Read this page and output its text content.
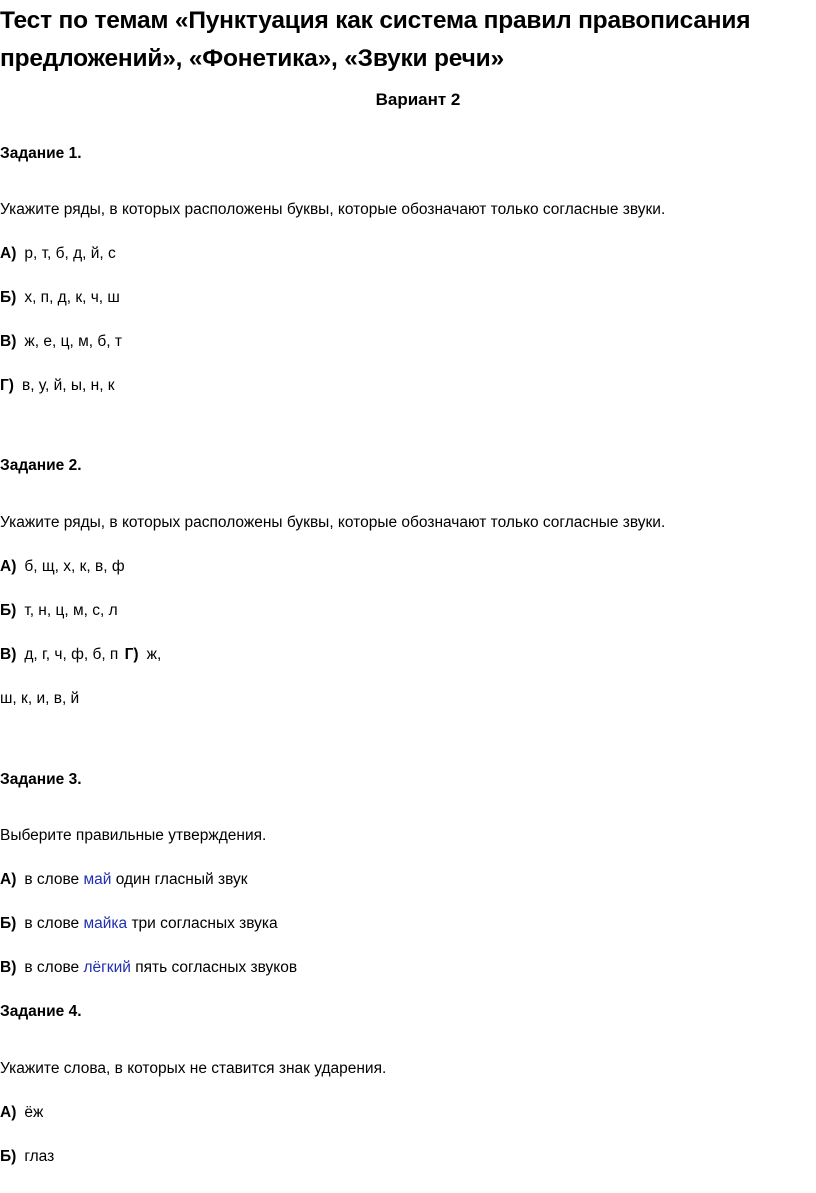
Тест по темам «Пунктуация как система правил правописания предложений», «Фонетика», «Звуки речи»
Вариант 2
Задание 1.
Укажите ряды, в которых расположены буквы, которые обозначают только согласные звуки.
А) р, т, б, д, й, с
Б) х, п, д, к, ч, ш
В) ж, е, ц, м, б, т
Г) в, у, й, ы, н, к
Задание 2.
Укажите ряды, в которых расположены буквы, которые обозначают только согласные звуки.
А) б, щ, х, к, в, ф
Б) т, н, ц, м, с, л
В) д, г, ч, ф, б, п Г) ж,
ш, к, и, в, й
Задание 3.
Выберите правильные утверждения.
А) в слове май один гласный звук
Б) в слове майка три согласных звука
В) в слове лёгкий пять согласных звуков
Задание 4.
Укажите слова, в которых не ставится знак ударения.
А) ёж
Б) глаз
